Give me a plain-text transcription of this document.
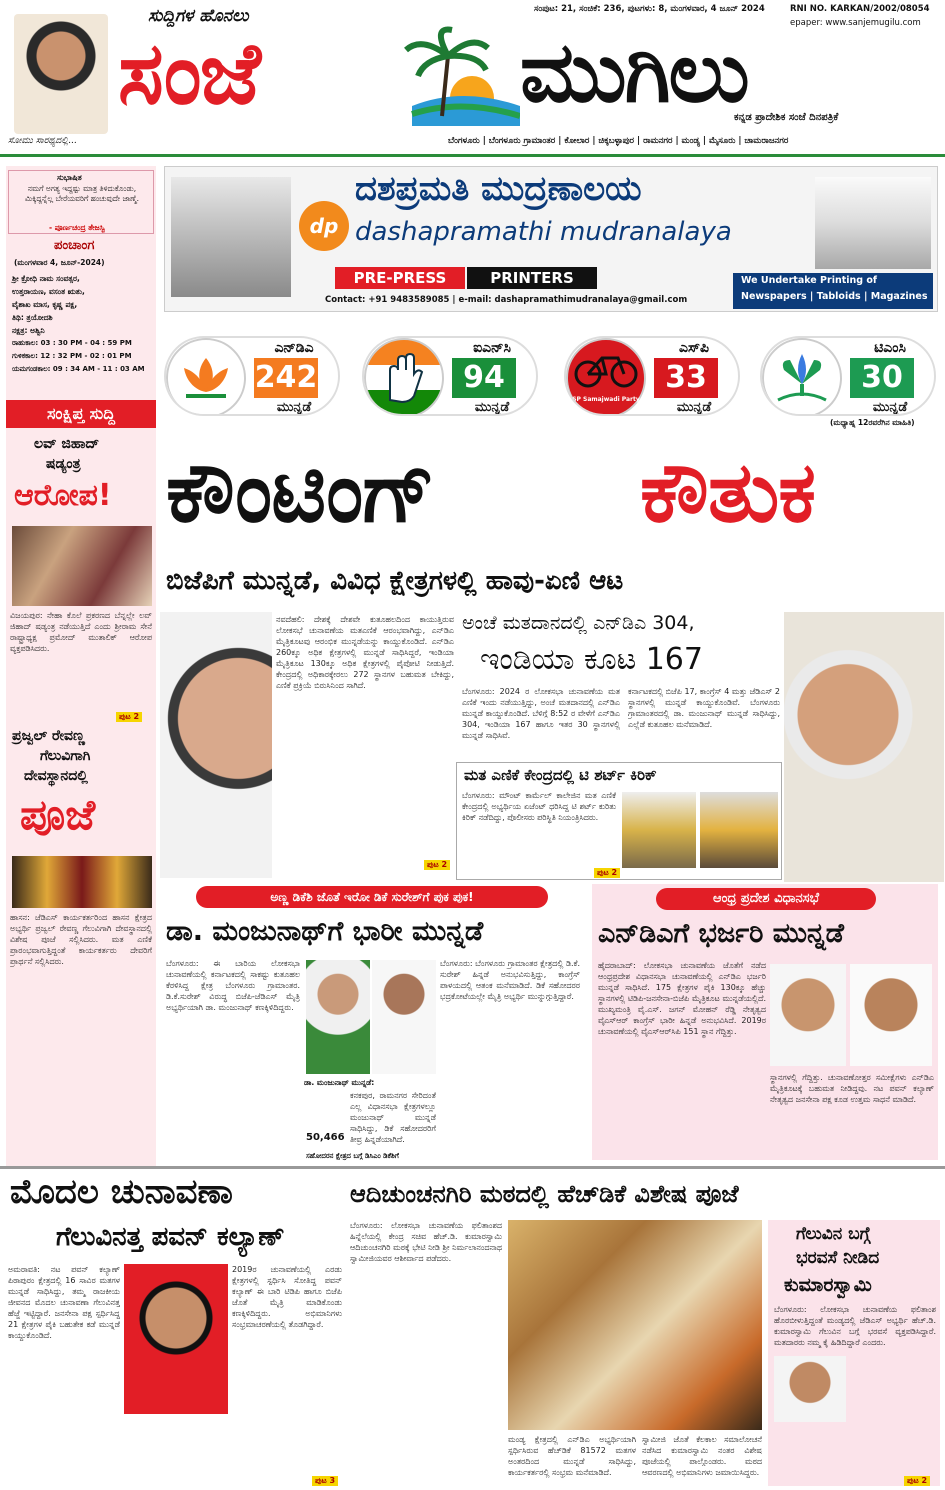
ಸೋಮು ಸಾರಥ್ಯದಲ್ಲಿ...
ಸುದ್ದಿಗಳ ಹೊನಲು
ಸಂಜೆ	ಮುಗಿಲು
ಸಂಪುಟ: 21, ಸಂಚಿಕೆ: 236, ಪುಟಗಳು: 8, ಮಂಗಳವಾರ, 4 ಜೂನ್ 2024	RNI NO. KARKAN/2002/08054
epaper: www.sanjemugilu.com
ಕನ್ನಡ ಪ್ರಾದೇಶಿಕ ಸಂಜೆ ದಿನಪತ್ರಿಕೆ
ಬೆಂಗಳೂರು | ಬೆಂಗಳೂರು ಗ್ರಾಮಾಂತರ | ಕೋಲಾರ | ಚಿಕ್ಕಬಳ್ಳಾಪುರ | ರಾಮನಗರ | ಮಂಡ್ಯ | ಮೈಸೂರು | ಚಾಮರಾಜನಗರ
ಸುಭಾಷಿತ
ನಮಗೆ ಅಗತ್ಯ ಇದ್ದಷ್ಟು ಮಾತ್ರ ತಿಳಿದುಕೊಂಡು, ಮಿಕ್ಕಿದ್ದನ್ನೆಲ್ಲ ಬೇರೆಯವರಿಗೆ ಹಂಚುವುದೇ ಜಾಣ್ಮೆ.
- ಪೂರ್ಣಚಂದ್ರ ತೇಜಸ್ವಿ
ಪಂಚಾಂಗ
(ಮಂಗಳವಾರ 4, ಜೂನ್-2024)
ಶ್ರೀ ಕ್ರೋಧಿ ನಾಮ ಸಂವತ್ಸರ,
ಉತ್ತರಾಯಣ, ವಸಂತ ಋತು,
ವೈಶಾಖ ಮಾಸ, ಕೃಷ್ಣ ಪಕ್ಷ,
ತಿಥಿ: ತ್ರಯೋದಶಿ
ನಕ್ಷತ್ರ: ಅಶ್ವಿನಿ
ರಾಹುಕಾಲ: 03 : 30 PM - 04 : 59 PM
ಗುಳಿಕಕಾಲ: 12 : 32 PM - 02 : 01 PM
ಯಮಗಂಡಕಾಲ: 09 : 34 AM - 11 : 03 AM
ಸಂಕ್ಷಿಪ್ತ ಸುದ್ದಿ
ಲವ್ ಜಿಹಾದ್
ಷಡ್ಯಂತ್ರ
ಆರೋಪ!
ವಿಜಯಪುರ: ನೇಹಾ ಕೊಲೆ ಪ್ರಕರಣದ ಬೆನ್ನಲ್ಲೇ ಲವ್ ಜಿಹಾದ್ ಷಡ್ಯಂತ್ರ ನಡೆಯುತ್ತಿದೆ ಎಂದು ಶ್ರೀರಾಮ ಸೇನೆ ರಾಷ್ಟ್ರಾಧ್ಯಕ್ಷ ಪ್ರಮೋದ್ ಮುತಾಲಿಕ್ ಆರೋಪ ವ್ಯಕ್ತಪಡಿಸಿದರು.
ಪುಟ 2
ಪ್ರಜ್ವಲ್ ರೇವಣ್ಣ
ಗೆಲುವಿಗಾಗಿ
ದೇವಸ್ಥಾನದಲ್ಲಿ
ಪೂಜೆ
ಹಾಸನ: ಜೆಡಿಎಸ್ ಕಾರ್ಯಕರ್ತರಿಂದ ಹಾಸನ ಕ್ಷೇತ್ರದ ಅಭ್ಯರ್ಥಿ ಪ್ರಜ್ವಲ್ ರೇವಣ್ಣ ಗೆಲುವಿಗಾಗಿ ದೇವಸ್ಥಾನದಲ್ಲಿ ವಿಶೇಷ ಪೂಜೆ ಸಲ್ಲಿಸಿದರು. ಮತ ಎಣಿಕೆ ಪ್ರಾರಂಭವಾಗುತ್ತಿದ್ದಂತೆ ಕಾರ್ಯಕರ್ತರು ದೇವರಿಗೆ ಪ್ರಾರ್ಥನೆ ಸಲ್ಲಿಸಿದರು.
dp
ದಶಪ್ರಮತಿ ಮುದ್ರಣಾಲಯ
dashapramathi mudranalaya
PRE-PRESS	PRINTERS
Contact: +91 9483589085 | e-mail: dashapramathimudranalaya@gmail.com
We Undertake Printing of
Newspapers | Tabloids | Magazines
ಎನ್‌ಡಿಎ
242
ಮುನ್ನಡೆ
ಐಎನ್‌ಸಿ
94
ಮುನ್ನಡೆ
SP Samajwadi Party
ಎಸ್‌ಪಿ
33
ಮುನ್ನಡೆ
ಟಿಎಂಸಿ
30
ಮುನ್ನಡೆ
(ಮಧ್ಯಾಹ್ನ 12ರವರೆಗಿನ ಮಾಹಿತಿ)
ಕೌಂಟಿಂಗ್ ಕೌತುಕ
ಬಿಜೆಪಿಗೆ ಮುನ್ನಡೆ, ವಿವಿಧ ಕ್ಷೇತ್ರಗಳಲ್ಲಿ ಹಾವು-ಏಣಿ ಆಟ
ನವದೆಹಲಿ: ದೇಶಕ್ಕೆ ದೇಶವೇ ಕುತೂಹಲದಿಂದ ಕಾಯುತ್ತಿರುವ ಲೋಕಸಭೆ ಚುನಾವಣೆಯ ಮತಎಣಿಕೆ ಆರಂಭವಾಗಿದ್ದು, ಎನ್‌ಡಿಎ ಮೈತ್ರಿಕೂಟವು ಆರಂಭಿಕ ಮುನ್ನಡೆಯನ್ನು ಕಾಯ್ದುಕೊಂಡಿದೆ. ಎನ್‌ಡಿಎ 260ಕ್ಕೂ ಅಧಿಕ ಕ್ಷೇತ್ರಗಳಲ್ಲಿ ಮುನ್ನಡೆ ಸಾಧಿಸಿದ್ದರೆ, ಇಂಡಿಯಾ ಮೈತ್ರಿಕೂಟ 130ಕ್ಕೂ ಅಧಿಕ ಕ್ಷೇತ್ರಗಳಲ್ಲಿ ಪೈಪೋಟಿ ನೀಡುತ್ತಿದೆ. ಕೇಂದ್ರದಲ್ಲಿ ಅಧಿಕಾರಕ್ಕೇರಲು 272 ಸ್ಥಾನಗಳ ಬಹುಮತ ಬೇಕಿದ್ದು, ಎಣಿಕೆ ಪ್ರಕ್ರಿಯೆ ಬಿರುಸಿನಿಂದ ಸಾಗಿದೆ.
ಅಂಚೆ ಮತದಾನದಲ್ಲಿ ಎನ್‌ಡಿಎ 304,
ಇಂಡಿಯಾ ಕೂಟ 167
ಬೆಂಗಳೂರು: 2024 ರ ಲೋಕಸಭಾ ಚುನಾವಣೆಯ ಮತ ಎಣಿಕೆ ಇಂದು ನಡೆಯುತ್ತಿದ್ದು, ಅಂಚೆ ಮತದಾನದಲ್ಲಿ ಎನ್‌ಡಿಎ ಮುನ್ನಡೆ ಕಾಯ್ದುಕೊಂಡಿದೆ. ಬೆಳಿಗ್ಗೆ 8:52 ರ ವೇಳೆಗೆ ಎನ್‌ಡಿಎ 304, ಇಂಡಿಯಾ 167 ಹಾಗೂ ಇತರ 30 ಸ್ಥಾನಗಳಲ್ಲಿ ಮುನ್ನಡೆ ಸಾಧಿಸಿವೆ.
ಕರ್ನಾಟಕದಲ್ಲಿ ಬಿಜೆಪಿ 17, ಕಾಂಗ್ರೆಸ್ 4 ಮತ್ತು ಜೆಡಿಎಸ್ 2 ಸ್ಥಾನಗಳಲ್ಲಿ ಮುನ್ನಡೆ ಕಾಯ್ದುಕೊಂಡಿವೆ. ಬೆಂಗಳೂರು ಗ್ರಾಮಾಂತರದಲ್ಲಿ ಡಾ. ಮಂಜುನಾಥ್ ಮುನ್ನಡೆ ಸಾಧಿಸಿದ್ದು, ಎಲ್ಲೆಡೆ ಕುತೂಹಲ ಮನೆಮಾಡಿದೆ.
ಪುಟ 2
ಮತ ಎಣಿಕೆ ಕೇಂದ್ರದಲ್ಲಿ ಟಿ ಶರ್ಟ್ ಕಿರಿಕ್
ಬೆಂಗಳೂರು: ಮೌಂಟ್ ಕಾರ್ಮೆಲ್ ಕಾಲೇಜಿನ ಮತ ಎಣಿಕೆ ಕೇಂದ್ರದಲ್ಲಿ ಅಭ್ಯರ್ಥಿಯ ಏಜೆಂಟ್ ಧರಿಸಿದ್ದ ಟಿ ಶರ್ಟ್ ಕುರಿತು ಕಿರಿಕ್ ನಡೆದಿದ್ದು, ಪೊಲೀಸರು ಪರಿಸ್ಥಿತಿ ನಿಯಂತ್ರಿಸಿದರು.
ಪುಟ 2
ಅಣ್ಣ ಡಿಕೆಶಿ ಜೊತೆ ಇರೋ ಡಿಕೆ ಸುರೇಶ್‌ಗೆ ಪುಕ ಪುಕ!
ಡಾ. ಮಂಜುನಾಥ್‌ಗೆ ಭಾರೀ ಮುನ್ನಡೆ
ಬೆಂಗಳೂರು: ಈ ಬಾರಿಯ ಲೋಕಸಭಾ ಚುನಾವಣೆಯಲ್ಲಿ ಕರ್ನಾಟಕದಲ್ಲಿ ಸಾಕಷ್ಟು ಕುತೂಹಲ ಕೆರಳಿಸಿದ್ದ ಕ್ಷೇತ್ರ ಬೆಂಗಳೂರು ಗ್ರಾಮಾಂತರ. ಡಿ.ಕೆ.ಸುರೇಶ್ ವಿರುದ್ಧ ಬಿಜೆಪಿ-ಜೆಡಿಎಸ್ ಮೈತ್ರಿ ಅಭ್ಯರ್ಥಿಯಾಗಿ ಡಾ. ಮಂಜುನಾಥ್ ಕಣಕ್ಕಿಳಿದಿದ್ದರು.
ಡಾ. ಮಂಜುನಾಥ್ ಮುನ್ನಡೆ:
50,466
ಕನಕಪುರ, ರಾಮನಗರ ಸೇರಿದಂತೆ ಎಲ್ಲ ವಿಧಾನಸಭಾ ಕ್ಷೇತ್ರಗಳಲ್ಲೂ ಮಂಜುನಾಥ್ ಮುನ್ನಡೆ ಸಾಧಿಸಿದ್ದು, ಡಿಕೆ ಸಹೋದರರಿಗೆ ತೀವ್ರ ಹಿನ್ನಡೆಯಾಗಿದೆ.
ಬೆಂಗಳೂರು: ಬೆಂಗಳೂರು ಗ್ರಾಮಾಂತರ ಕ್ಷೇತ್ರದಲ್ಲಿ ಡಿ.ಕೆ. ಸುರೇಶ್ ಹಿನ್ನಡೆ ಅನುಭವಿಸುತ್ತಿದ್ದು, ಕಾಂಗ್ರೆಸ್ ಪಾಳಯದಲ್ಲಿ ಆತಂಕ ಮನೆಮಾಡಿದೆ. ಡಿಕೆ ಸಹೋದರರ ಭದ್ರಕೋಟೆಯಲ್ಲೇ ಮೈತ್ರಿ ಅಭ್ಯರ್ಥಿ ಮುನ್ನುಗ್ಗುತ್ತಿದ್ದಾರೆ.
ಸಹೋದರನ ಕ್ಷೇತ್ರದ ಬಗ್ಗೆ ಡಿಸಿಎಂ ಡಿಕೆಶಿಗೆ
ಆಂಧ್ರ ಪ್ರದೇಶ ವಿಧಾನಸಭೆ
ಎನ್‌ಡಿಎಗೆ ಭರ್ಜರಿ ಮುನ್ನಡೆ
ಹೈದರಾಬಾದ್: ಲೋಕಸಭಾ ಚುನಾವಣೆಯ ಜೊತೆಗೆ ನಡೆದ ಆಂಧ್ರಪ್ರದೇಶ ವಿಧಾನಸಭಾ ಚುನಾವಣೆಯಲ್ಲಿ ಎನ್‌ಡಿಎ ಭರ್ಜರಿ ಮುನ್ನಡೆ ಸಾಧಿಸಿದೆ. 175 ಕ್ಷೇತ್ರಗಳ ಪೈಕಿ 130ಕ್ಕೂ ಹೆಚ್ಚು ಸ್ಥಾನಗಳಲ್ಲಿ ಟಿಡಿಪಿ-ಜನಸೇನಾ-ಬಿಜೆಪಿ ಮೈತ್ರಿಕೂಟ ಮುನ್ನಡೆಯಲ್ಲಿದೆ. ಮುಖ್ಯಮಂತ್ರಿ ವೈ.ಎಸ್. ಜಗನ್ ಮೋಹನ್ ರೆಡ್ಡಿ ನೇತೃತ್ವದ ವೈಎಸ್ಆರ್ ಕಾಂಗ್ರೆಸ್ ಭಾರೀ ಹಿನ್ನಡೆ ಅನುಭವಿಸಿದೆ. 2019ರ ಚುನಾವಣೆಯಲ್ಲಿ ವೈಎಸ್ಆರ್‌ಸಿಪಿ 151 ಸ್ಥಾನ ಗೆದ್ದಿತ್ತು.
ಸ್ಥಾನಗಳಲ್ಲಿ ಗೆದ್ದಿತ್ತು. ಚುನಾವಣೋತ್ತರ ಸಮೀಕ್ಷೆಗಳು ಎನ್‌ಡಿಎ ಮೈತ್ರಿಕೂಟಕ್ಕೆ ಬಹುಮತ ನೀಡಿದ್ದವು. ನಟ ಪವನ್ ಕಲ್ಯಾಣ್ ನೇತೃತ್ವದ ಜನಸೇನಾ ಪಕ್ಷ ಕೂಡ ಉತ್ತಮ ಸಾಧನೆ ಮಾಡಿದೆ.
ಮೊದಲ ಚುನಾವಣಾ
ಗೆಲುವಿನತ್ತ ಪವನ್ ಕಲ್ಯಾಣ್
ಅಮರಾವತಿ: ನಟ ಪವನ್ ಕಲ್ಯಾಣ್ ಪಿಠಾಪುರಂ ಕ್ಷೇತ್ರದಲ್ಲಿ 16 ಸಾವಿರ ಮತಗಳ ಮುನ್ನಡೆ ಸಾಧಿಸಿದ್ದು, ತಮ್ಮ ರಾಜಕೀಯ ಜೀವನದ ಮೊದಲ ಚುನಾವಣಾ ಗೆಲುವಿನತ್ತ ಹೆಜ್ಜೆ ಇಟ್ಟಿದ್ದಾರೆ. ಜನಸೇನಾ ಪಕ್ಷ ಸ್ಪರ್ಧಿಸಿದ್ದ 21 ಕ್ಷೇತ್ರಗಳ ಪೈಕಿ ಬಹುತೇಕ ಕಡೆ ಮುನ್ನಡೆ ಕಾಯ್ದುಕೊಂಡಿದೆ.
2019ರ ಚುನಾವಣೆಯಲ್ಲಿ ಎರಡು ಕ್ಷೇತ್ರಗಳಲ್ಲಿ ಸ್ಪರ್ಧಿಸಿ ಸೋತಿದ್ದ ಪವನ್ ಕಲ್ಯಾಣ್ ಈ ಬಾರಿ ಟಿಡಿಪಿ ಹಾಗೂ ಬಿಜೆಪಿ ಜೊತೆ ಮೈತ್ರಿ ಮಾಡಿಕೊಂಡು ಕಣಕ್ಕಿಳಿದಿದ್ದರು. ಅಭಿಮಾನಿಗಳು ಸಂಭ್ರಮಾಚರಣೆಯಲ್ಲಿ ತೊಡಗಿದ್ದಾರೆ.
ಪುಟ 3
ಆದಿಚುಂಚನಗಿರಿ ಮಠದಲ್ಲಿ ಹೆಚ್‌ಡಿಕೆ ವಿಶೇಷ ಪೂಜೆ
ಬೆಂಗಳೂರು: ಲೋಕಸಭಾ ಚುನಾವಣೆಯ ಫಲಿತಾಂಶದ ಹಿನ್ನೆಲೆಯಲ್ಲಿ ಕೇಂದ್ರ ಸಚಿವ ಹೆಚ್.ಡಿ. ಕುಮಾರಸ್ವಾಮಿ ಆದಿಚುಂಚನಗಿರಿ ಮಠಕ್ಕೆ ಭೇಟಿ ನೀಡಿ ಶ್ರೀ ನಿರ್ಮಲಾನಂದನಾಥ ಸ್ವಾಮೀಜಿಯವರ ಆಶೀರ್ವಾದ ಪಡೆದರು.
ಮಂಡ್ಯ ಕ್ಷೇತ್ರದಲ್ಲಿ ಎನ್‌ಡಿಎ ಅಭ್ಯರ್ಥಿಯಾಗಿ ಸ್ಪರ್ಧಿಸಿರುವ ಹೆಚ್‌ಡಿಕೆ 81572 ಮತಗಳ ಅಂತರದಿಂದ ಮುನ್ನಡೆ ಸಾಧಿಸಿದ್ದು, ಕಾರ್ಯಕರ್ತರಲ್ಲಿ ಸಂಭ್ರಮ ಮನೆಮಾಡಿದೆ.
ಸ್ವಾಮೀಜಿ ಜೊತೆ ಕೆಲಕಾಲ ಸಮಾಲೋಚನೆ ನಡೆಸಿದ ಕುಮಾರಸ್ವಾಮಿ ನಂತರ ವಿಶೇಷ ಪೂಜೆಯಲ್ಲಿ ಪಾಲ್ಗೊಂಡರು. ಮಠದ ಆವರಣದಲ್ಲಿ ಅಭಿಮಾನಿಗಳು ಜಮಾಯಿಸಿದ್ದರು.
ಗೆಲುವಿನ ಬಗ್ಗೆ
ಭರವಸೆ ನೀಡಿದ
ಕುಮಾರಸ್ವಾಮಿ
ಬೆಂಗಳೂರು: ಲೋಕಸಭಾ ಚುನಾವಣೆಯ ಫಲಿತಾಂಶ ಹೊರಬೀಳುತ್ತಿದ್ದಂತೆ ಮಂಡ್ಯದಲ್ಲಿ ಜೆಡಿಎಸ್ ಅಭ್ಯರ್ಥಿ ಹೆಚ್.ಡಿ. ಕುಮಾರಸ್ವಾಮಿ ಗೆಲುವಿನ ಬಗ್ಗೆ ಭರವಸೆ ವ್ಯಕ್ತಪಡಿಸಿದ್ದಾರೆ. ಮತದಾರರು ನಮ್ಮ ಕೈ ಹಿಡಿದಿದ್ದಾರೆ ಎಂದರು.
ಪುಟ 2
